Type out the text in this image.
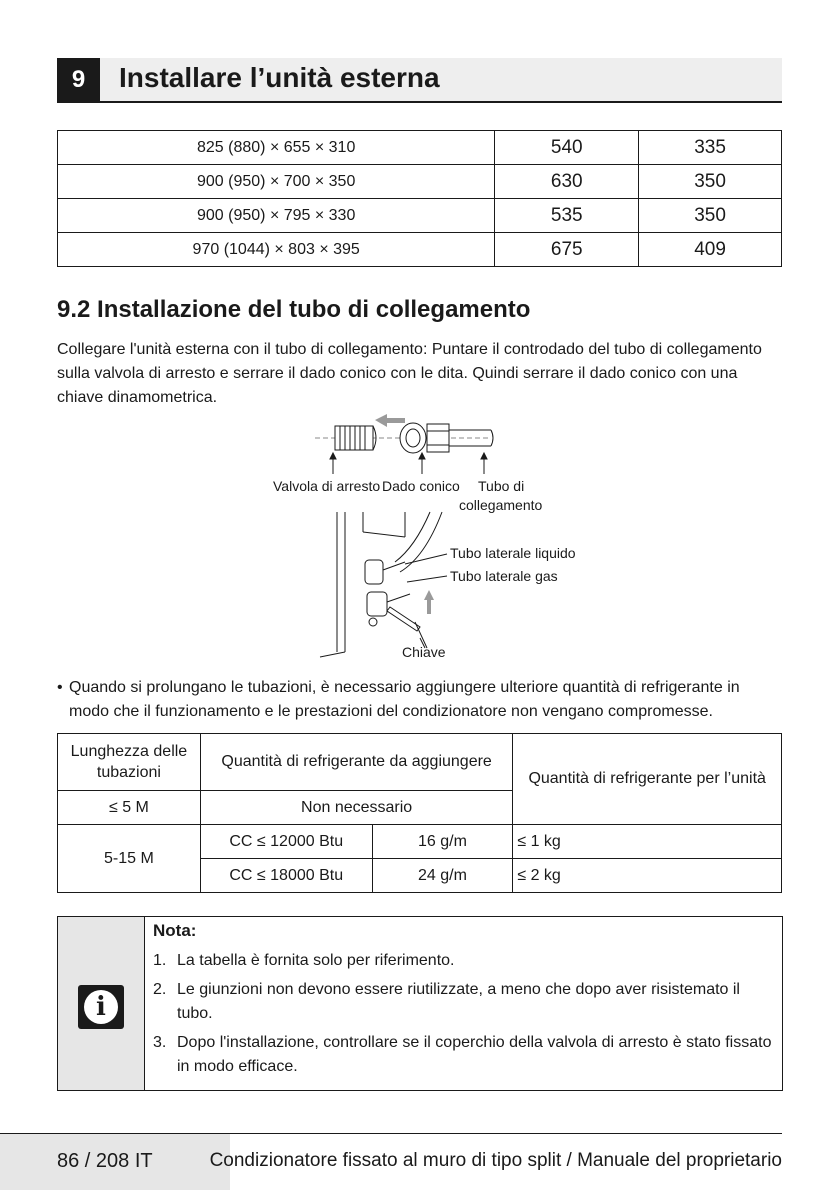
9	Installare l’unità esterna
825 (880) × 655 × 310	540	335
900 (950) × 700 × 350	630	350
900 (950) × 795 × 330	535	350
970 (1044) × 803 × 395	675	409
9.2 Installazione del tubo di collegamento

Collegare l'unità esterna con il tubo di collegamento: Puntare il controdado del tubo di collegamento sulla valvola di arresto e serrare il dado conico con le dita. Quindi serrare il dado conico con una chiave dinamometrica.

Valvola di arresto Dado conico Tubo di
collegamento
Tubo laterale liquido
Tubo laterale gas
Chiave

• Quando si prolungano le tubazioni, è necessario aggiungere ulteriore quantità di refrigerante in modo che il funzionamento e le prestazioni del condizionatore non vengano compromesse.

Lunghezza delle tubazioni	Quantità di refrigerante da aggiungere		Quantità di refrigerante per l’unità
≤ 5 M	Non necessario		
5-15 M	CC ≤ 12000 Btu	16 g/m	≤ 1 kg
	CC ≤ 18000 Btu	24 g/m	≤ 2 kg
i

Nota:

1. La tabella è fornita solo per riferimento.
2. Le giunzioni non devono essere riutilizzate, a meno che dopo aver risistemato il tubo.
3. Dopo l'installazione, controllare se il coperchio della valvola di arresto è stato fissato in modo efficace.
86 / 208 IT	Condizionatore fissato al muro di tipo split / Manuale del proprietario
